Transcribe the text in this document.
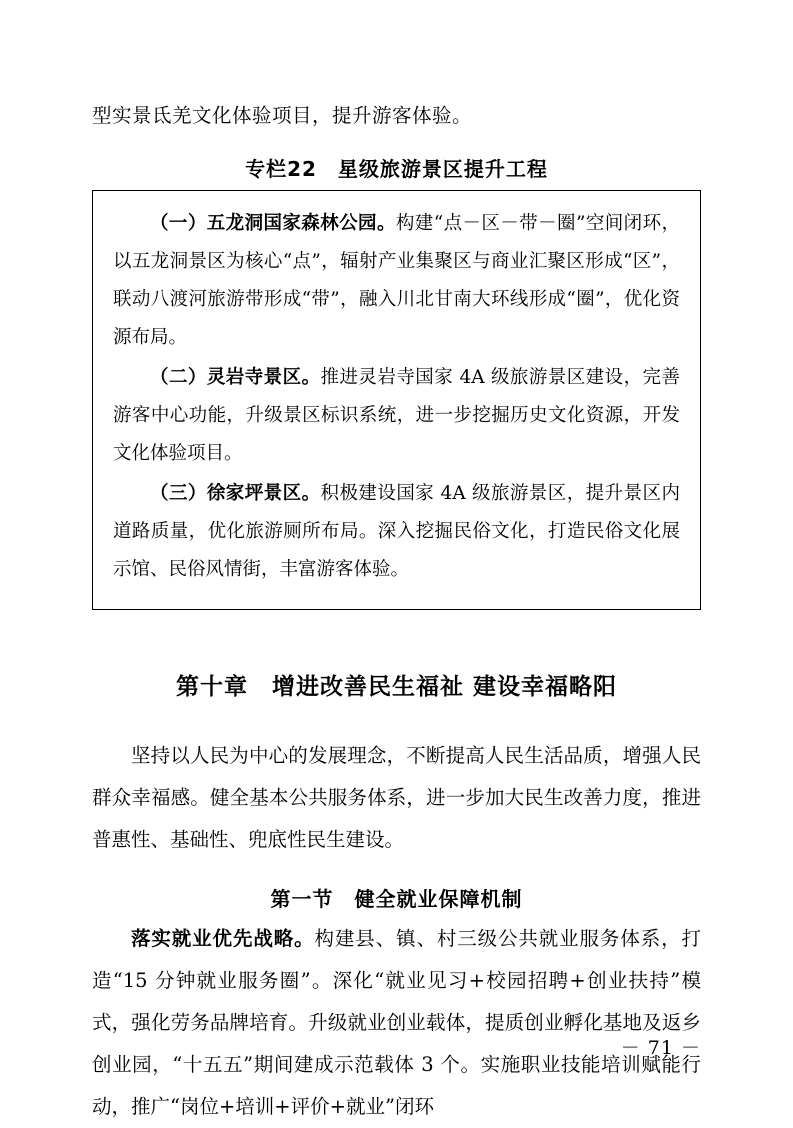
型实景氐羌文化体验项目，提升游客体验。
专栏22　星级旅游景区提升工程

（一）五龙洞国家森林公园。构建“点－区－带－圈”空间闭环，以五龙洞景区为核心“点”，辐射产业集聚区与商业汇聚区形成“区”，联动八渡河旅游带形成“带”，融入川北甘南大环线形成“圈”，优化资源布局。

（二）灵岩寺景区。推进灵岩寺国家 4A 级旅游景区建设，完善游客中心功能，升级景区标识系统，进一步挖掘历史文化资源，开发文化体验项目。

（三）徐家坪景区。积极建设国家 4A 级旅游景区，提升景区内道路质量，优化旅游厕所布局。深入挖掘民俗文化，打造民俗文化展示馆、民俗风情街，丰富游客体验。

第十章　增进改善民生福祉 建设幸福略阳
坚持以人民为中心的发展理念，不断提高人民生活品质，增强人民群众幸福感。健全基本公共服务体系，进一步加大民生改善力度，推进普惠性、基础性、兜底性民生建设。
第一节　健全就业保障机制
落实就业优先战略。构建县、镇、村三级公共就业服务体系，打造“15 分钟就业服务圈”。深化“就业见习+校园招聘+创业扶持”模式，强化劳务品牌培育。升级就业创业载体，提质创业孵化基地及返乡创业园，“十五五”期间建成示范载体 3 个。实施职业技能培训赋能行动，推广“岗位+培训+评价+就业”闭环
－ 71 －
